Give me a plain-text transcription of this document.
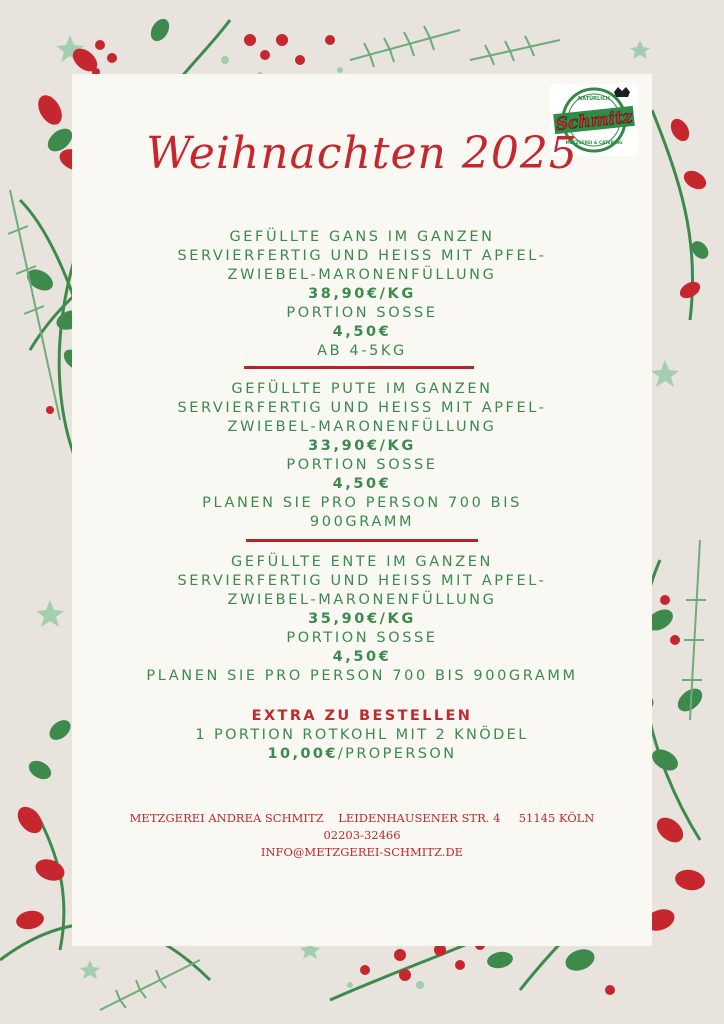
Schmitz
NATÜRLICH
METZGEREI & CATERING
Weihnachten 2025
GEFÜLLTE GANS IM GANZEN
SERVIERFERTIG UND HEISS MIT APFEL-
ZWIEBEL-MARONENFÜLLUNG
38,90€/KG
PORTION SOSSE
4,50€
AB 4-5KG
GEFÜLLTE PUTE IM GANZEN
SERVIERFERTIG UND HEISS MIT APFEL-
ZWIEBEL-MARONENFÜLLUNG
33,90€/KG
PORTION SOSSE
4,50€
PLANEN SIE PRO PERSON 700 BIS
900GRAMM
GEFÜLLTE ENTE IM GANZEN
SERVIERFERTIG UND HEISS MIT APFEL-
ZWIEBEL-MARONENFÜLLUNG
35,90€/KG
PORTION SOSSE
4,50€
PLANEN SIE PRO PERSON 700 BIS 900GRAMM
EXTRA ZU BESTELLEN
1 PORTION ROTKOHL MIT 2 KNÖDEL
10,00€/PROPERSON
METZGEREI ANDREA SCHMITZ LEIDENHAUSENER STR. 4 51145 KÖLN
02203-32466
INFO@METZGEREI-SCHMITZ.DE
